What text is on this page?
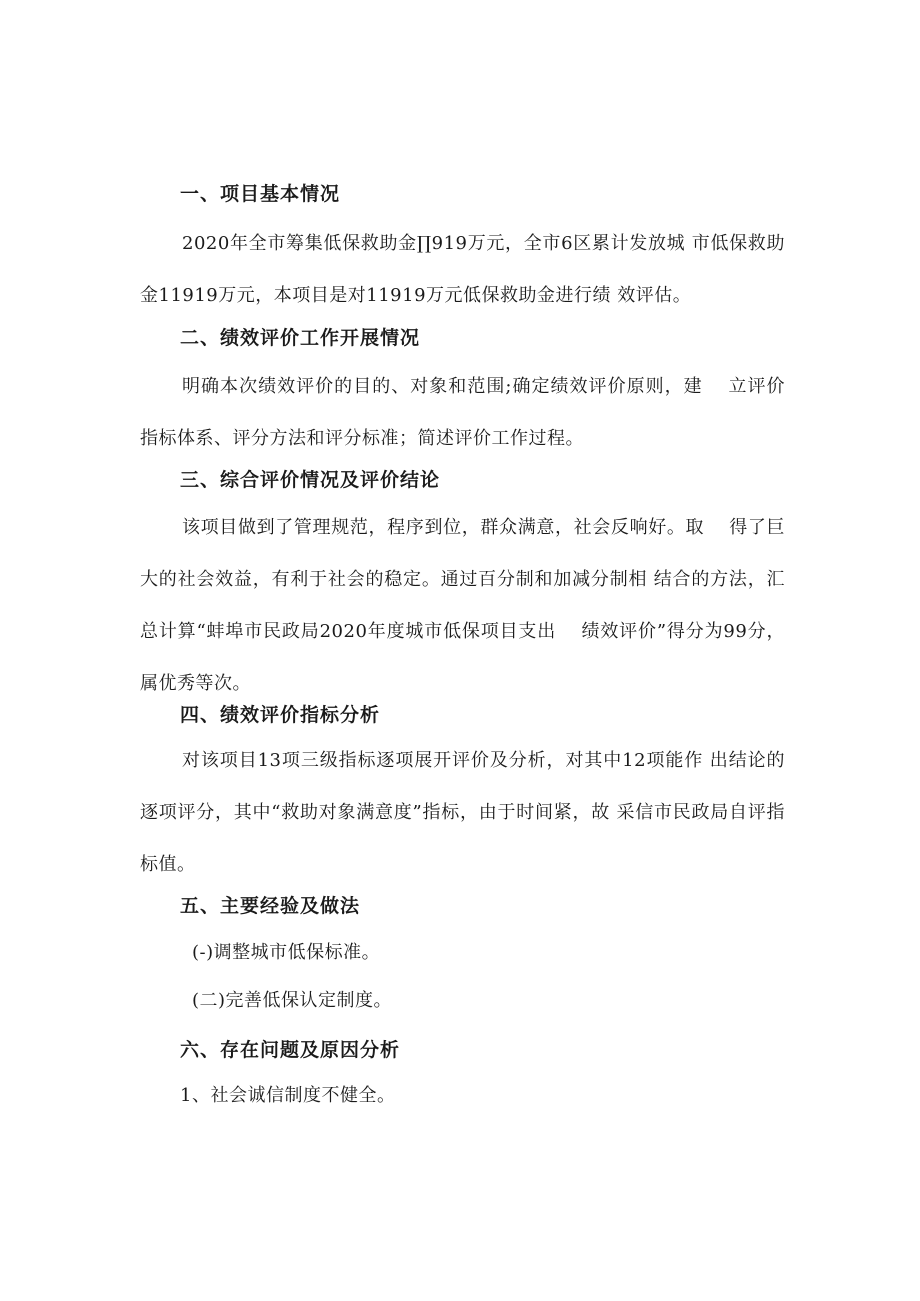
一、项目基本情况
2020年全市筹集低保救助金∏919万元，全市6区累计发放城 市低保救助金11919万元，本项目是对11919万元低保救助金进行绩 效评估。
二、绩效评价工作开展情况
明确本次绩效评价的目的、对象和范围;确定绩效评价原则，建　 立评价指标体系、评分方法和评分标准；简述评价工作过程。
三、综合评价情况及评价结论
该项目做到了管理规范，程序到位，群众满意，社会反响好。取　 得了巨大的社会效益，有利于社会的稳定。通过百分制和加减分制相 结合的方法，汇总计算“蚌埠市民政局2020年度城市低保项目支出　 绩效评价”得分为99分，属优秀等次。
四、绩效评价指标分析
对该项目13项三级指标逐项展开评价及分析，对其中12项能作 出结论的逐项评分，其中“救助对象满意度”指标，由于时间紧，故 采信市民政局自评指标值。
五、主要经验及做法
(-)调整城市低保标准。
(二)完善低保认定制度。
六、存在问题及原因分析
1、社会诚信制度不健全。
